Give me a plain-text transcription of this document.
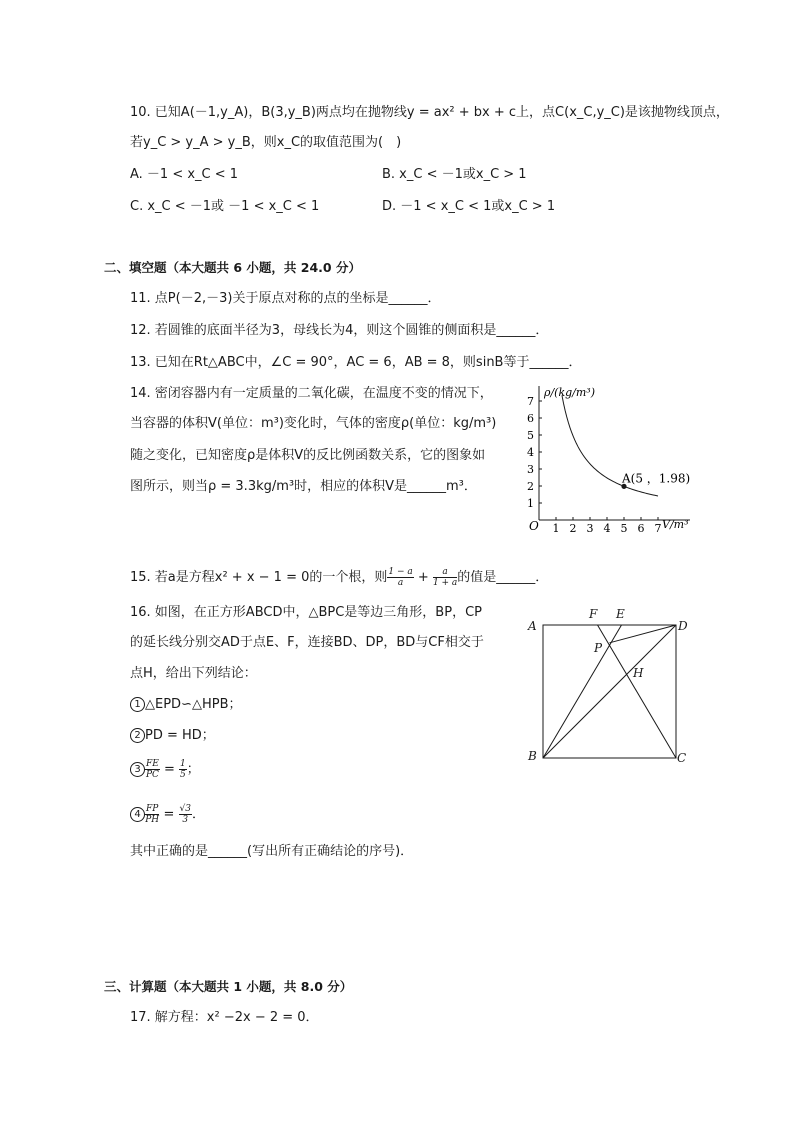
10. 已知A(－1,y_A)，B(3,y_B)两点均在抛物线y = ax² + bx + c上，点C(x_C,y_C)是该抛物线顶点，
若y_C > y_A > y_B，则x_C的取值范围为(　)
A. －1 < x_C < 1	B. x_C < －1或x_C > 1
C. x_C < －1或 －1 < x_C < 1	D. －1 < x_C < 1或x_C > 1
二、填空题（本大题共 6 小题，共 24.0 分）
11. 点P(－2,－3)关于原点对称的点的坐标是______．
12. 若圆锥的底面半径为3，母线长为4，则这个圆锥的侧面积是______．
13. 已知在Rt△ABC中，∠C = 90°，AC = 6，AB = 8，则sinB等于______．
14. 密闭容器内有一定质量的二氧化碳，在温度不变的情况下，
当容器的体积V(单位：m³)变化时，气体的密度ρ(单位：kg/m³)
随之变化，已知密度ρ是体积V的反比例函数关系，它的图象如
图所示，则当ρ = 3.3kg/m³时，相应的体积V是______m³．
1 2 3 4 5 6 7
1
2
3
4
5
6
7
A(5 ，1.98)
O	V/m³
ρ/(kg/m³)
15. 若a是方程x² + x − 1 = 0的一个根，则 $\frac{1 - a}{a} + \frac{a}{1 + a}$ 的值是______．
16. 如图，在正方形ABCD中，△BPC是等边三角形，BP，CP
的延长线分别交AD于点E、F，连接BD、DP，BD与CF相交于
点H，给出下列结论：
1 △EPD∽△HPB；
2 PD = HD；
$3 \frac{FE}{PC} = \frac{1}{5}$ ；
$4 \frac{FP}{PH} = \frac{√3}{3}$ ．
其中正确的是______(写出所有正确结论的序号)．
A
B	C
D
E
F
P
H
三、计算题（本大题共 1 小题，共 8.0 分）
17. 解方程：x² −2x − 2 = 0．
